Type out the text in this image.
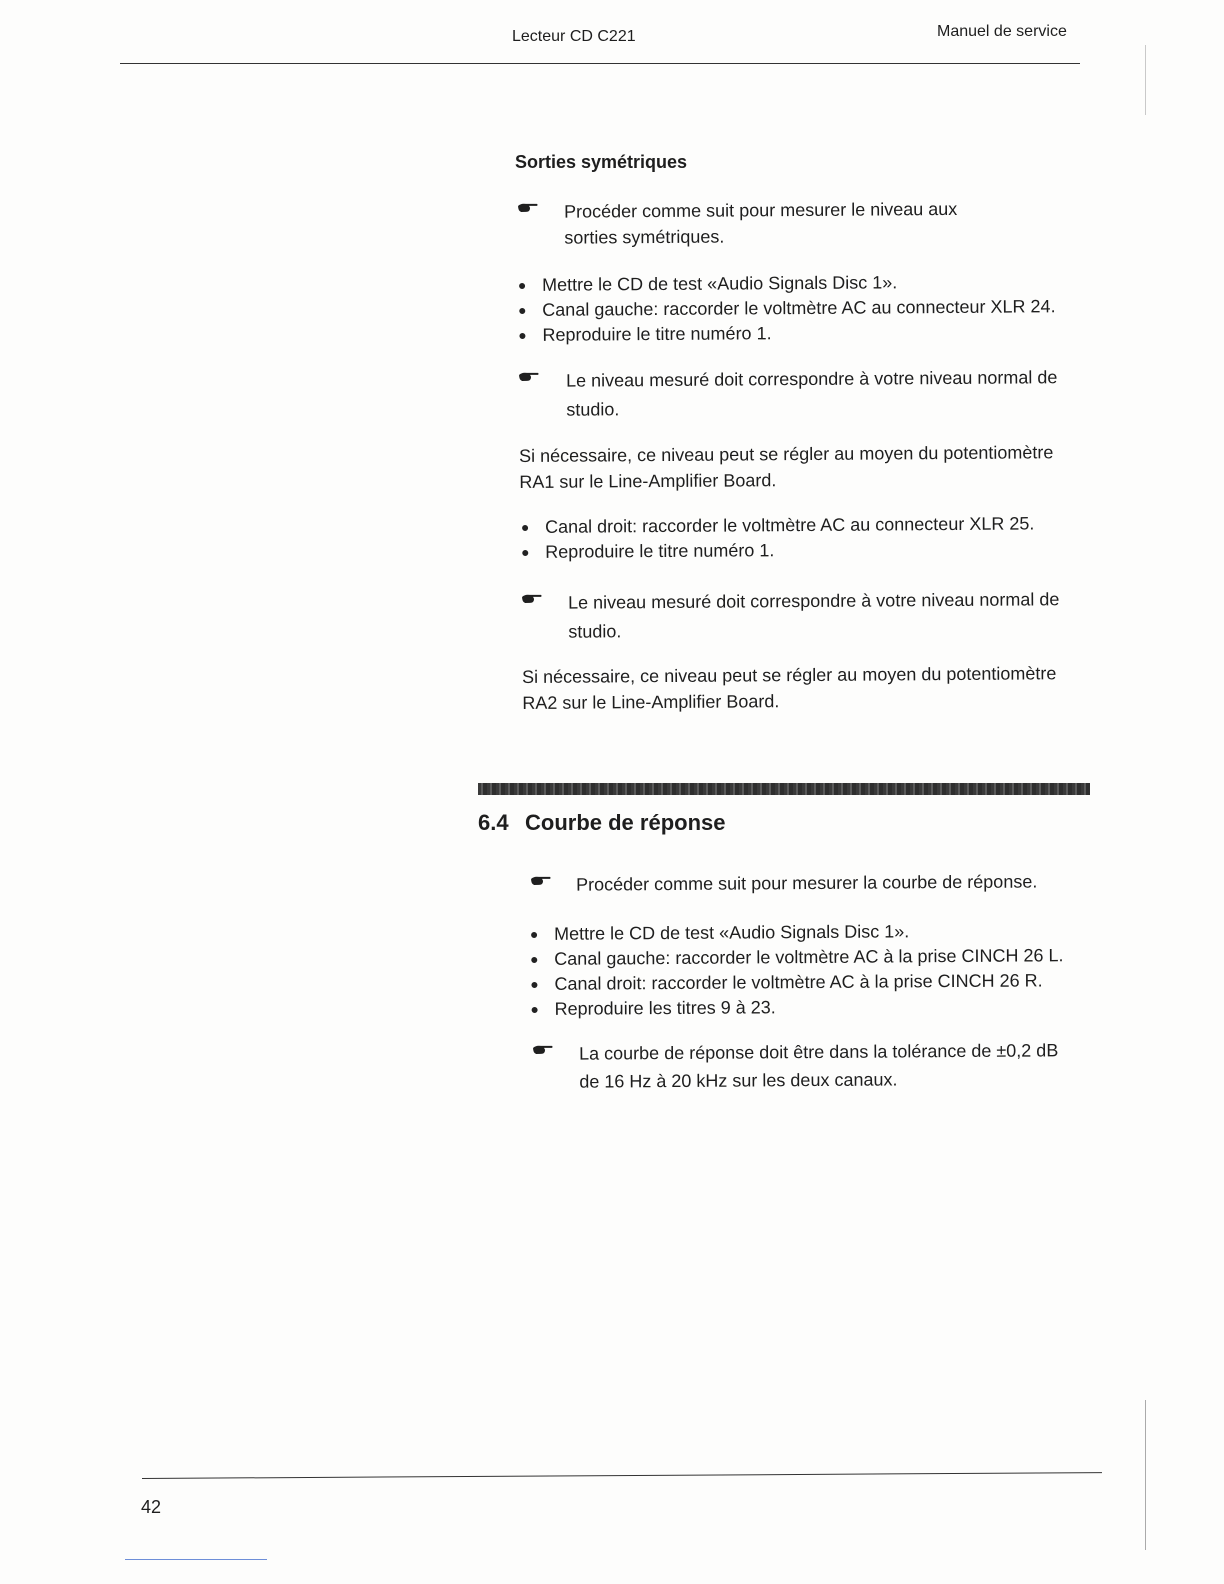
Lecteur CD C221	Manuel de service
Sorties symétriques
Procéder comme suit pour mesurer le niveau aux
sorties symétriques.
Mettre le CD de test «Audio Signals Disc 1».
Canal gauche: raccorder le voltmètre AC au connecteur XLR 24.
Reproduire le titre numéro 1.
Le niveau mesuré doit correspondre à votre niveau normal de
studio.
Si nécessaire, ce niveau peut se régler au moyen du potentiomètre
RA1 sur le Line-Amplifier Board.
Canal droit: raccorder le voltmètre AC au connecteur XLR 25.
Reproduire le titre numéro 1.
Le niveau mesuré doit correspondre à votre niveau normal de
studio.
Si nécessaire, ce niveau peut se régler au moyen du potentiomètre
RA2 sur le Line-Amplifier Board.
6.4 Courbe de réponse
Procéder comme suit pour mesurer la courbe de réponse.
Mettre le CD de test «Audio Signals Disc 1».
Canal gauche: raccorder le voltmètre AC à la prise CINCH 26 L.
Canal droit: raccorder le voltmètre AC à la prise CINCH 26 R.
Reproduire les titres 9 à 23.
La courbe de réponse doit être dans la tolérance de ±0,2 dB
de 16 Hz à 20 kHz sur les deux canaux.
42
